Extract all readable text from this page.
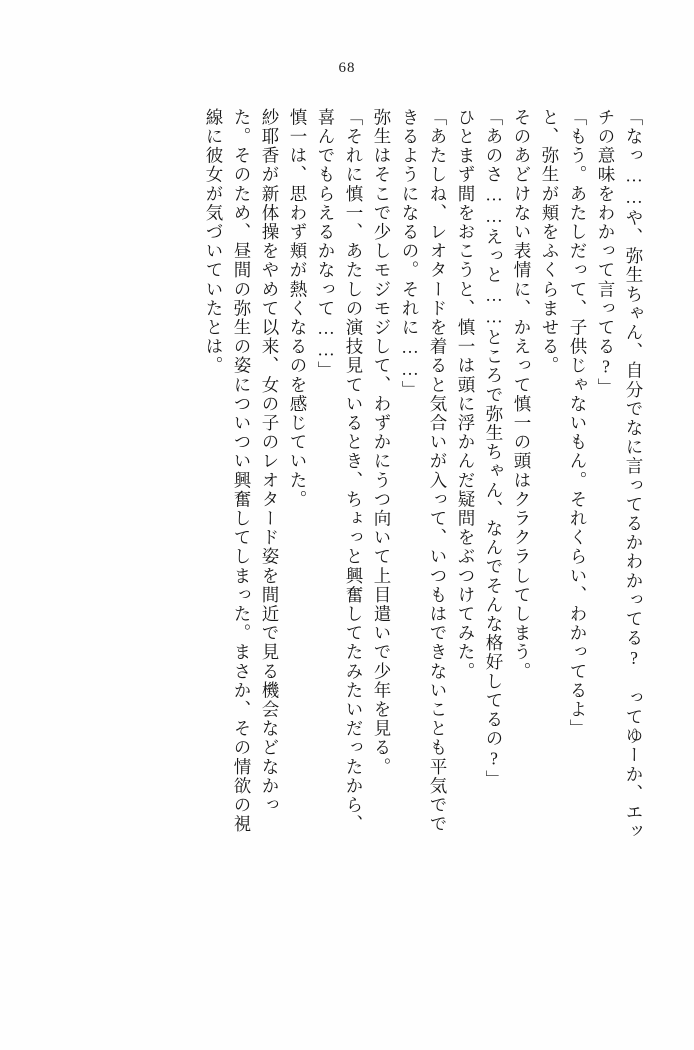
68
「なっ……や、弥生ちゃん、自分でなに言ってるかわかってる?　ってゆーか、エッ
チの意味をわかって言ってる?」
「もう。あたしだって、子供じゃないもん。それくらい、わかってるよ」
と、弥生が頬をふくらませる。
そのあどけない表情に、かえって慎一の頭はクラクラしてしまう。
「あのさ……えっと……ところで弥生ちゃん、なんでそんな格好してるの?」
ひとまず間をおこうと、慎一は頭に浮かんだ疑問をぶつけてみた。
「あたしね、レオタードを着ると気合いが入って、いつもはできないことも平気でで
きるようになるの。それに……」
弥生はそこで少しモジモジして、わずかにうつ向いて上目遣いで少年を見る。
「それに慎一、あたしの演技見ているとき、ちょっと興奮してたみたいだったから、
喜んでもらえるかなって……」
慎一は、思わず頬が熱くなるのを感じていた。
紗耶香が新体操をやめて以来、女の子のレオタード姿を間近で見る機会などなかっ
た。そのため、昼間の弥生の姿についつい興奮してしまった。まさか、その情欲の視
線に彼女が気づいていたとは。
